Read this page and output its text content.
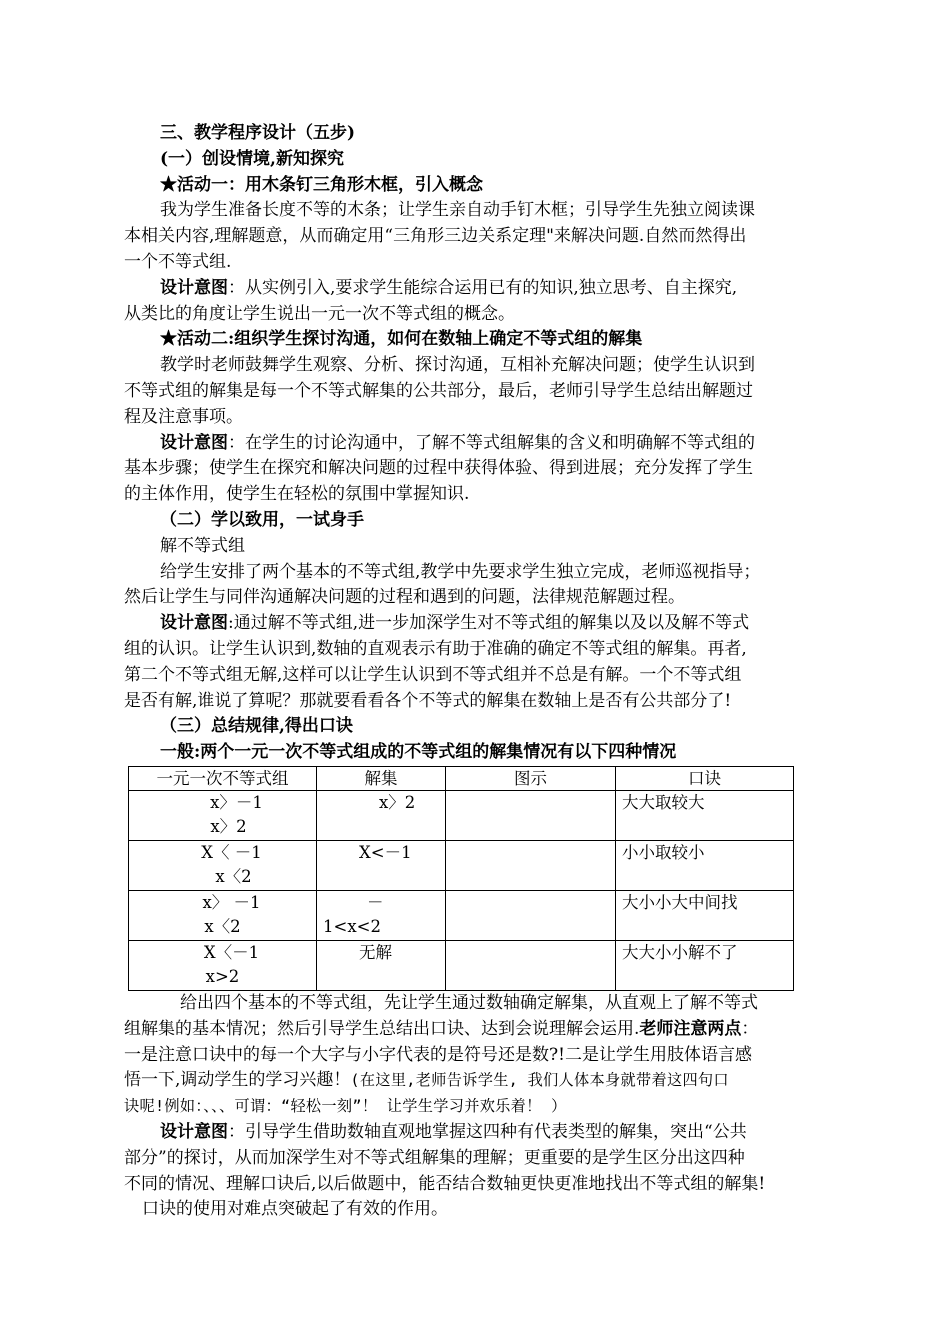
三、教学程序设计（五步)
(一）创设情境,新知探究
★活动一：用木条钉三角形木框，引入概念
我为学生准备长度不等的木条；让学生亲自动手钉木框；引导学生先独立阅读课
本相关内容,理解题意，从而确定用“三角形三边关系定理"来解决问题.自然而然得出
一个不等式组.
设计意图：从实例引入,要求学生能综合运用已有的知识,独立思考、自主探究,
从类比的角度让学生说出一元一次不等式组的概念。
★活动二:组织学生探讨沟通，如何在数轴上确定不等式组的解集
教学时老师鼓舞学生观察、分析、探讨沟通，互相补充解决问题；使学生认识到
不等式组的解集是每一个不等式解集的公共部分，最后，老师引导学生总结出解题过
程及注意事项。
设计意图：在学生的讨论沟通中，了解不等式组解集的含义和明确解不等式组的
基本步骤；使学生在探究和解决问题的过程中获得体验、得到进展；充分发挥了学生
的主体作用，使学生在轻松的氛围中掌握知识.
（二）学以致用，一试身手
解不等式组
给学生安排了两个基本的不等式组,教学中先要求学生独立完成，老师巡视指导；
然后让学生与同伴沟通解决问题的过程和遇到的问题，法律规范解题过程。
设计意图:通过解不等式组,进一步加深学生对不等式组的解集以及以及解不等式
组的认识。让学生认识到,数轴的直观表示有助于准确的确定不等式组的解集。再者,
第二个不等式组无解,这样可以让学生认识到不等式组并不总是有解。一个不等式组
是否有解,谁说了算呢？那就要看看各个不等式的解集在数轴上是否有公共部分了!
（三）总结规律,得出口诀
一般:两个一元一次不等式组成的不等式组的解集情况有以下四种情况
一元一次不等式组	解集	图示	口诀

x〉－1
x〉2	x〉2		大大取较大

X〈 －1
x〈2	X<－1		小小取较小

x〉 －1
x〈2	－1<x<2		大小小大中间找

X〈－1
x>2	无解		大大小小解不了
给出四个基本的不等式组，先让学生通过数轴确定解集，从直观上了解不等式
组解集的基本情况；然后引导学生总结出口诀、达到会说理解会运用.老师注意两点：
一是注意口诀中的每一个大字与小字代表的是符号还是数?!二是让学生用肢体语言感
悟一下,调动学生的学习兴趣！(在这里,老师告诉学生, 我们人体本身就带着这四句口
诀呢!例如：、、、可谓：“轻松一刻”！ 让学生学习并欢乐着！ ）
设计意图：引导学生借助数轴直观地掌握这四种有代表类型的解集，突出“公共
部分”的探讨，从而加深学生对不等式组解集的理解；更重要的是学生区分出这四种
不同的情况、理解口诀后,以后做题中，能否结合数轴更快更准地找出不等式组的解集!
口诀的使用对难点突破起了有效的作用。
